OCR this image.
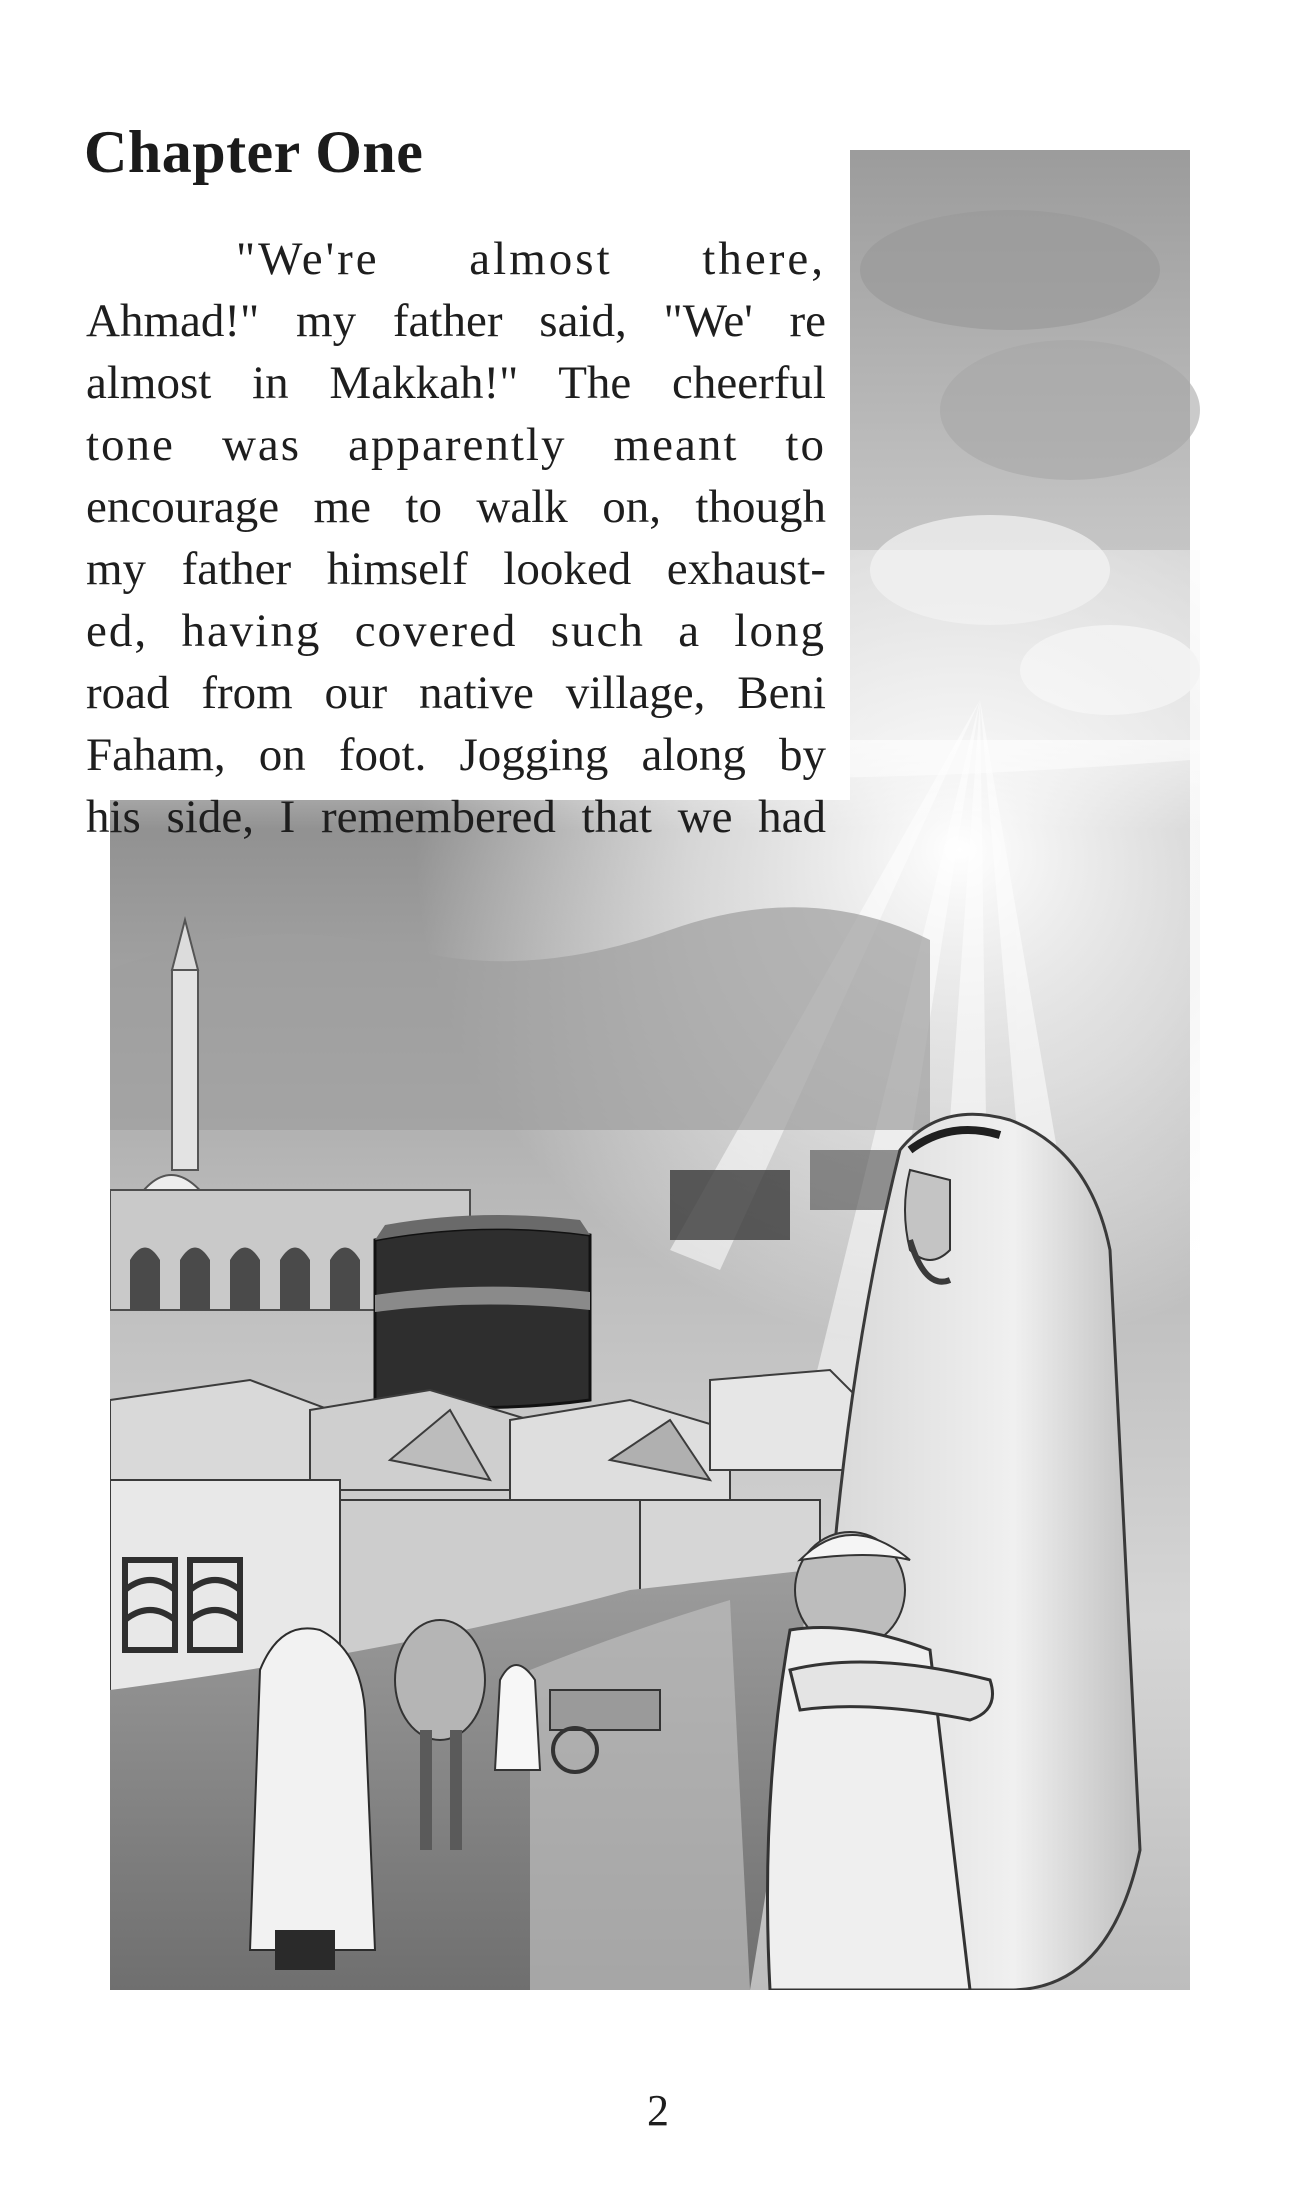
Chapter One
"We're almost there,
Ahmad!" my father said, "We' re
almost in Makkah!" The cheerful
tone was apparently meant to
encourage me to walk on, though
my father himself looked exhaust-
ed, having covered such a long
road from our native village, Beni
Faham, on foot. Jogging along by
his side, I remembered that we had
2
